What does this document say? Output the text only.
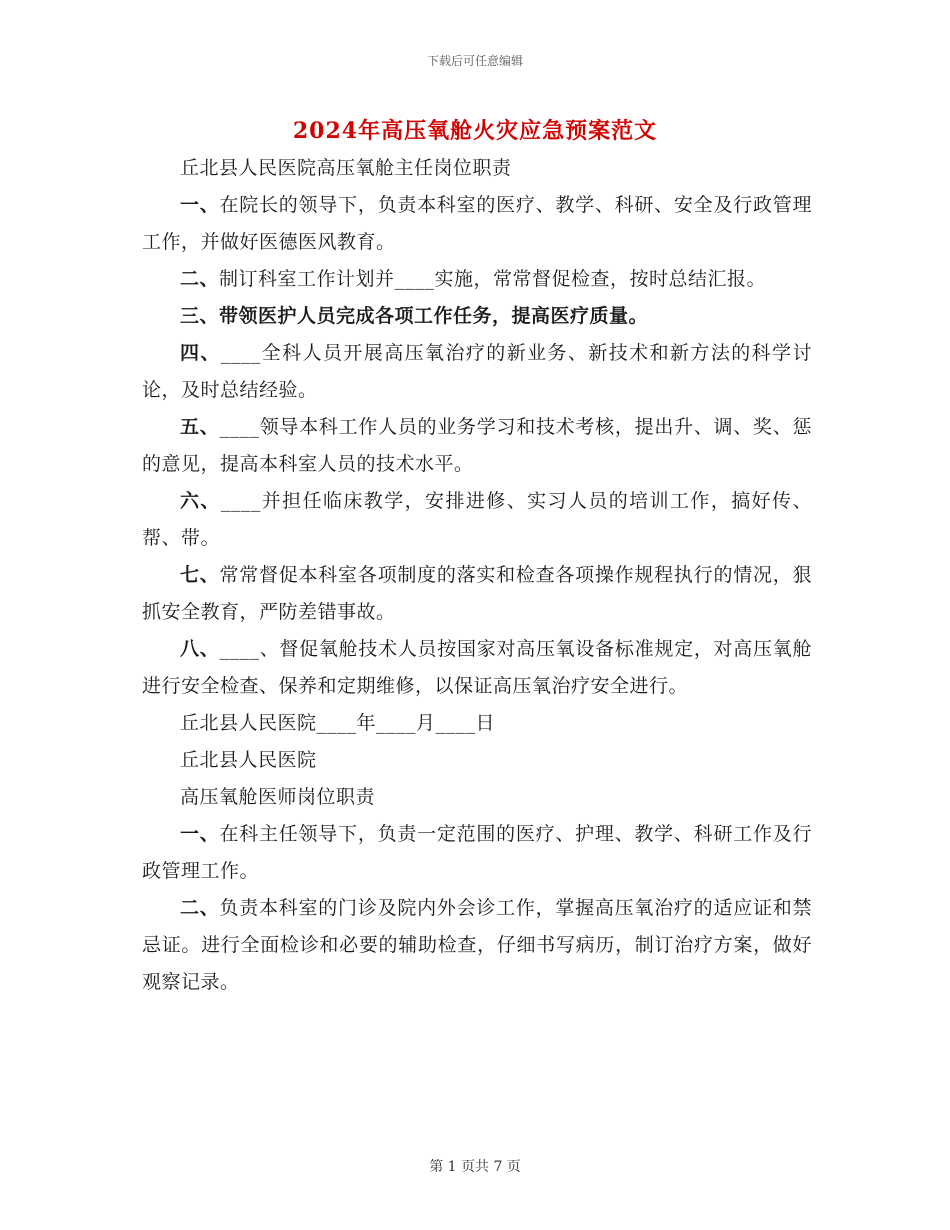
下载后可任意编辑
2024年高压氧舱火灾应急预案范文

丘北县人民医院高压氧舱主任岗位职责

一、在院长的领导下，负责本科室的医疗、教学、科研、安全及行政管理工作，并做好医德医风教育。

二、制订科室工作计划并____实施，常常督促检查，按时总结汇报。

三、带领医护人员完成各项工作任务，提高医疗质量。

四、____全科人员开展高压氧治疗的新业务、新技术和新方法的科学讨论，及时总结经验。

五、____领导本科工作人员的业务学习和技术考核，提出升、调、奖、惩的意见，提高本科室人员的技术水平。

六、____并担任临床教学，安排进修、实习人员的培训工作，搞好传、帮、带。

七、常常督促本科室各项制度的落实和检查各项操作规程执行的情况，狠抓安全教育，严防差错事故。

八、____、督促氧舱技术人员按国家对高压氧设备标准规定，对高压氧舱进行安全检查、保养和定期维修，以保证高压氧治疗安全进行。

丘北县人民医院____年____月____日

丘北县人民医院

高压氧舱医师岗位职责

一、在科主任领导下，负责一定范围的医疗、护理、教学、科研工作及行政管理工作。

二、负责本科室的门诊及院内外会诊工作，掌握高压氧治疗的适应证和禁忌证。进行全面检诊和必要的辅助检查，仔细书写病历，制订治疗方案，做好观察记录。

第 1 页共 7 页
